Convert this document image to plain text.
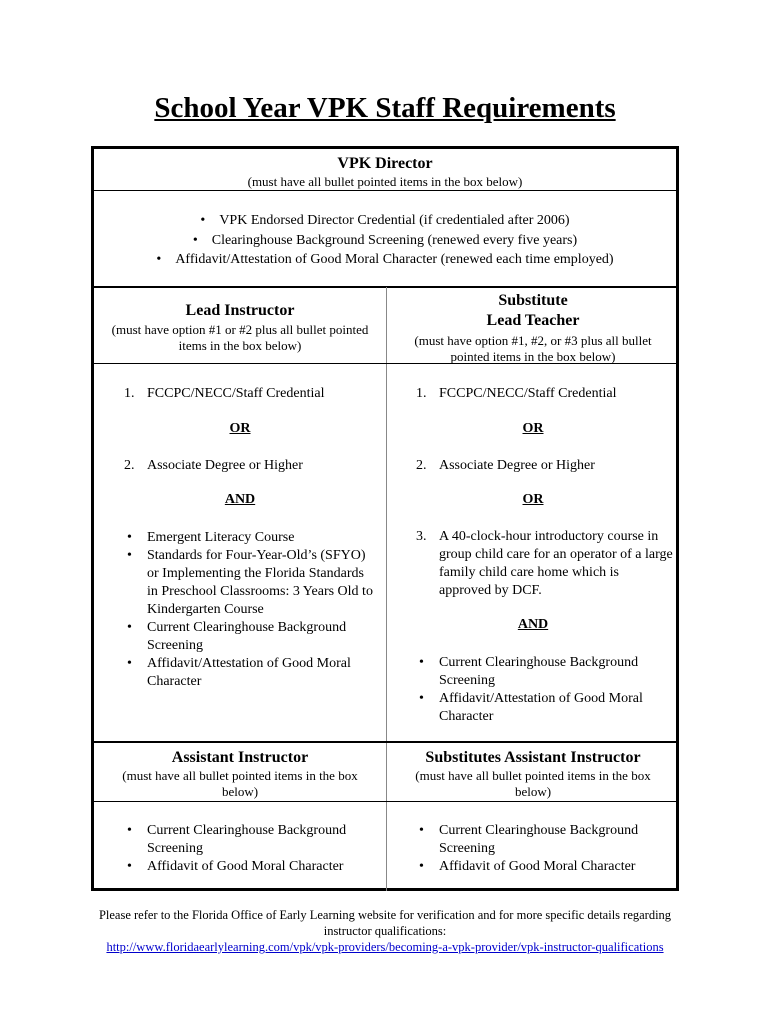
School Year VPK Staff Requirements
VPK Director
(must have all bullet pointed items in the box below)
•    VPK Endorsed Director Credential (if credentialed after 2006)
•    Clearinghouse Background Screening (renewed every five years)
•    Affidavit/Attestation of Good Moral Character (renewed each time employed)
Lead Instructor
(must have option #1 or #2 plus all bullet pointed items in the box below)
Substitute
Lead Teacher
(must have option #1, #2, or #3 plus all bullet pointed items in the box below)
1. FCCPC/NECC/Staff Credential
OR
2. Associate Degree or Higher
AND
• Emergent Literacy Course
• Standards for Four-Year-Old’s (SFYO) or Implementing the Florida Standards in Preschool Classrooms: 3 Years Old to Kindergarten Course
• Current Clearinghouse Background Screening
• Affidavit/Attestation of Good Moral Character
1. FCCPC/NECC/Staff Credential
OR
2. Associate Degree or Higher
OR
3. A 40-clock-hour introductory course in group child care for an operator of a large family child care home which is approved by DCF.
AND
• Current Clearinghouse Background Screening
• Affidavit/Attestation of Good Moral Character
Assistant Instructor
(must have all bullet pointed items in the box below)
Substitutes Assistant Instructor
(must have all bullet pointed items in the box below)
• Current Clearinghouse Background Screening
• Affidavit of Good Moral Character
• Current Clearinghouse Background Screening
• Affidavit of Good Moral Character
Please refer to the Florida Office of Early Learning website for verification and for more specific details regarding instructor qualifications:
http://www.floridaearlylearning.com/vpk/vpk-providers/becoming-a-vpk-provider/vpk-instructor-qualifications
